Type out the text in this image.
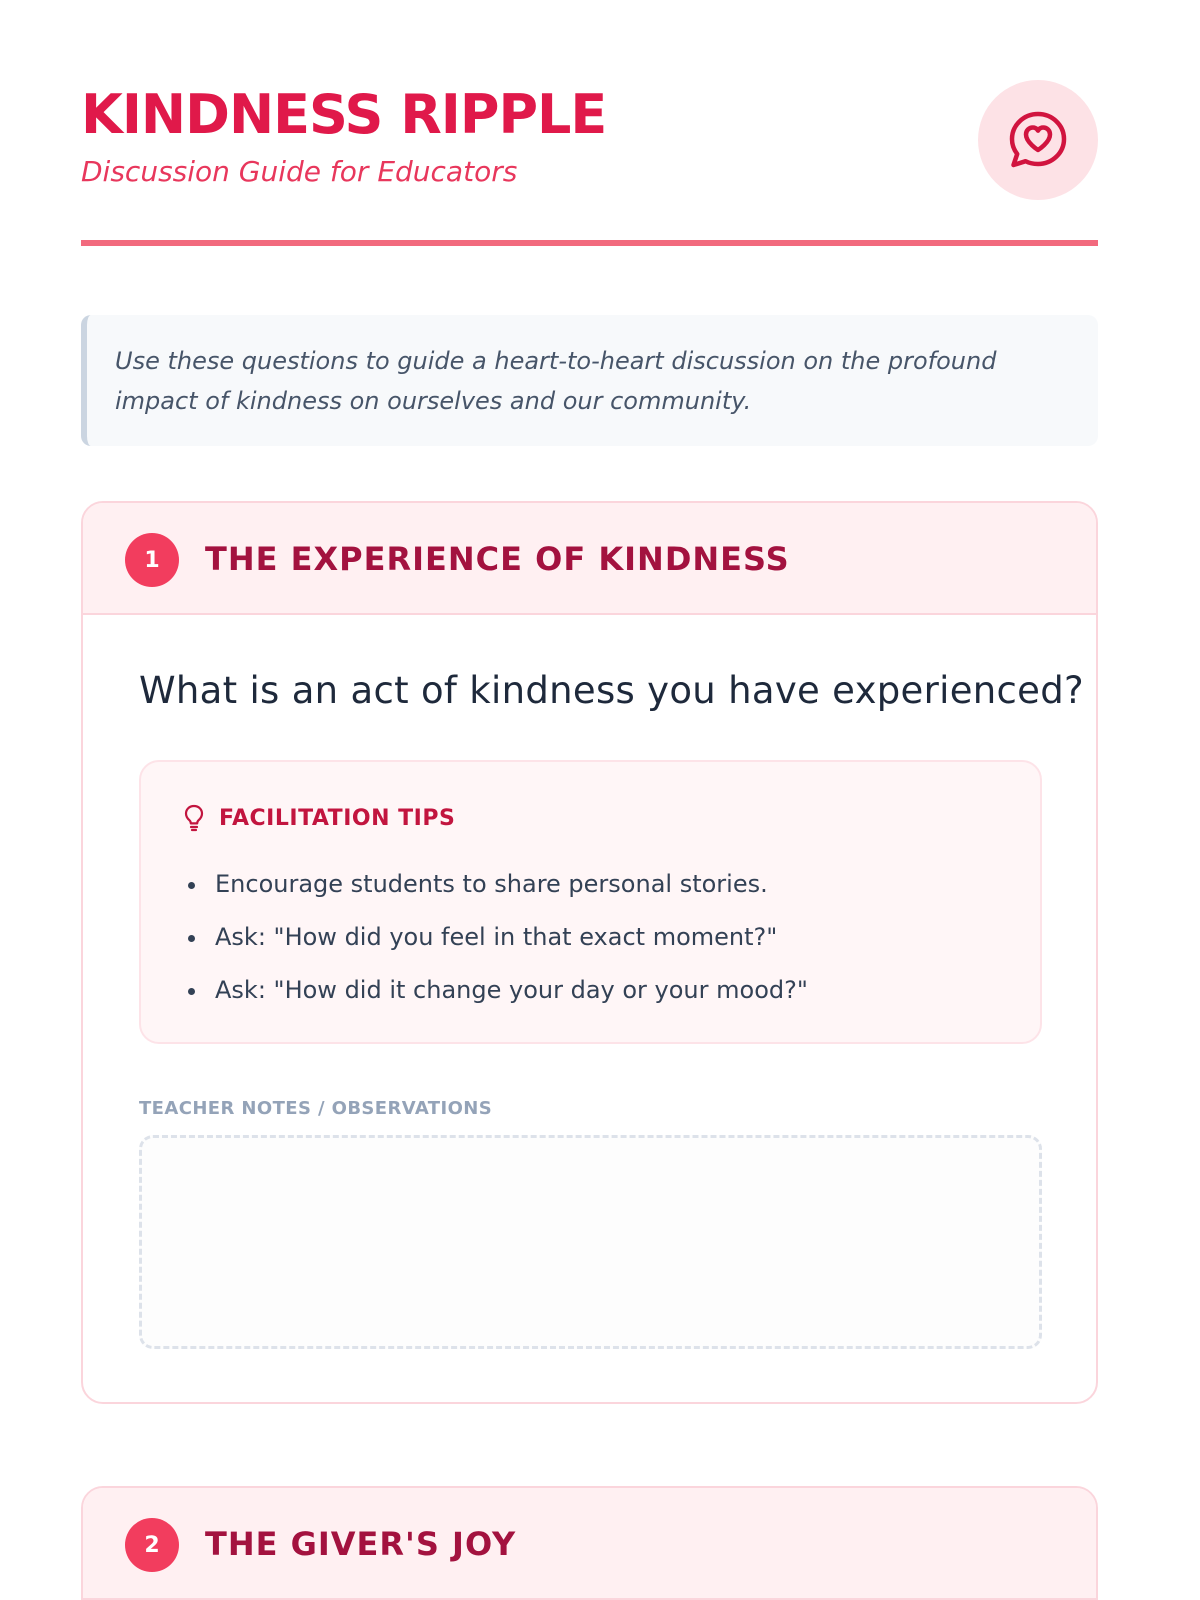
KINDNESS RIPPLE
Discussion Guide for Educators
Use these questions to guide a heart-to-heart discussion on the profound impact of kindness on ourselves and our community.
1	THE EXPERIENCE OF KINDNESS
What is an act of kindness you have experienced?
FACILITATION TIPS
Encourage students to share personal stories.
Ask: "How did you feel in that exact moment?"
Ask: "How did it change your day or your mood?"
TEACHER NOTES / OBSERVATIONS
2	THE GIVER'S JOY
